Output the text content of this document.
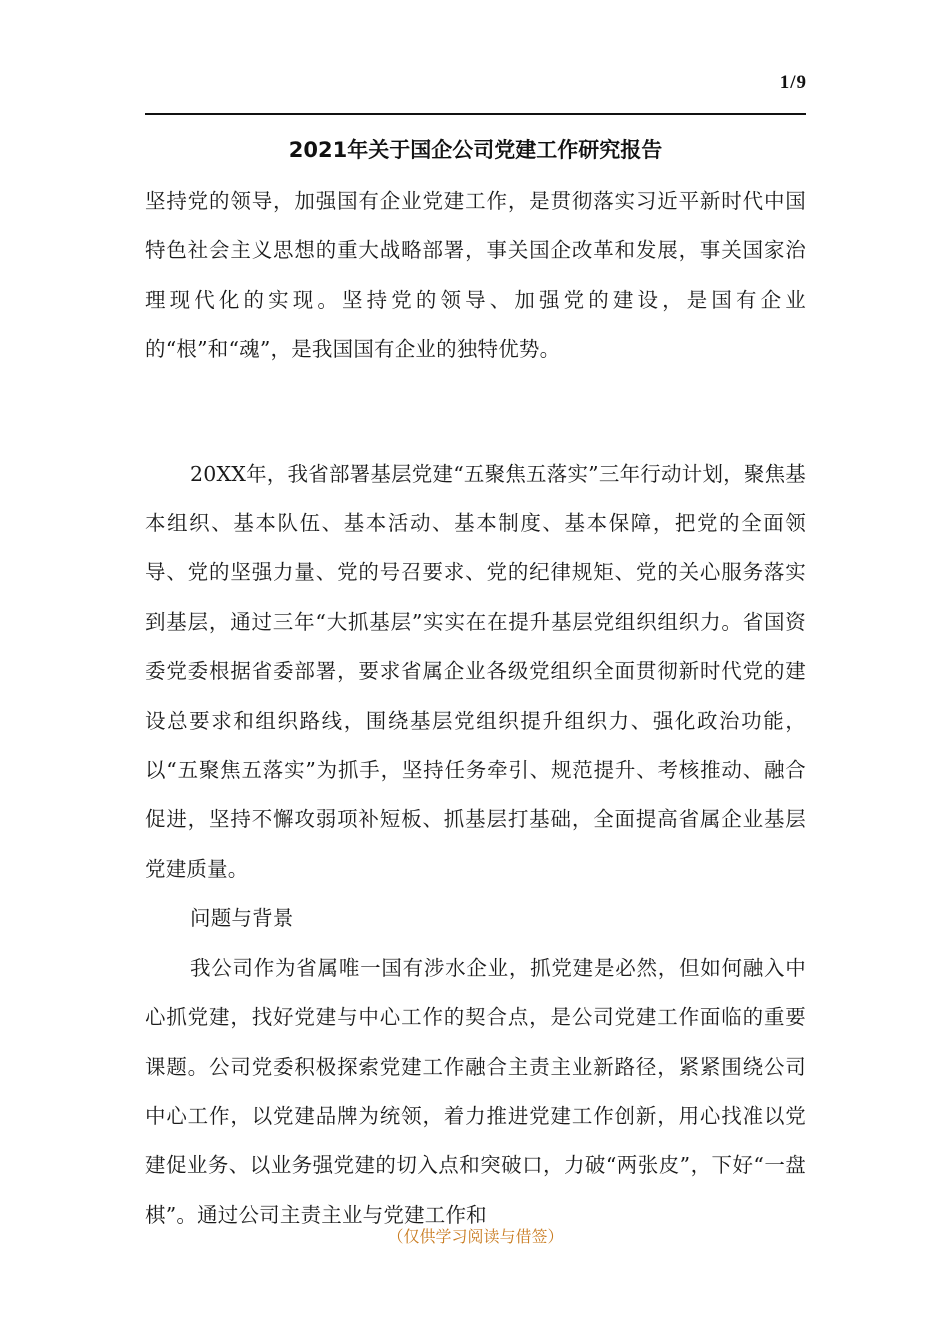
1/9
2021年关于国企公司党建工作研究报告

坚持党的领导，加强国有企业党建工作，是贯彻落实习近平新时代中国特色社会主义思想的重大战略部署，事关国企改革和发展，事关国家治理现代化的实现。坚持党的领导、加强党的建设，是国有企业的“根”和“魂”，是我国国有企业的独特优势。

20XX年，我省部署基层党建“五聚焦五落实”三年行动计划，聚焦基本组织、基本队伍、基本活动、基本制度、基本保障，把党的全面领导、党的坚强力量、党的号召要求、党的纪律规矩、党的关心服务落实到基层，通过三年“大抓基层”实实在在提升基层党组织组织力。省国资委党委根据省委部署，要求省属企业各级党组织全面贯彻新时代党的建设总要求和组织路线，围绕基层党组织提升组织力、强化政治功能，以“五聚焦五落实”为抓手，坚持任务牵引、规范提升、考核推动、融合促进，坚持不懈攻弱项补短板、抓基层打基础，全面提高省属企业基层党建质量。

问题与背景

我公司作为省属唯一国有涉水企业，抓党建是必然，但如何融入中心抓党建，找好党建与中心工作的契合点，是公司党建工作面临的重要课题。公司党委积极探索党建工作融合主责主业新路径，紧紧围绕公司中心工作，以党建品牌为统领，着力推进党建工作创新，用心找准以党建促业务、以业务强党建的切入点和突破口，力破“两张皮”，下好“一盘棋”。通过公司主责主业与党建工作和

（仅供学习阅读与借签）
